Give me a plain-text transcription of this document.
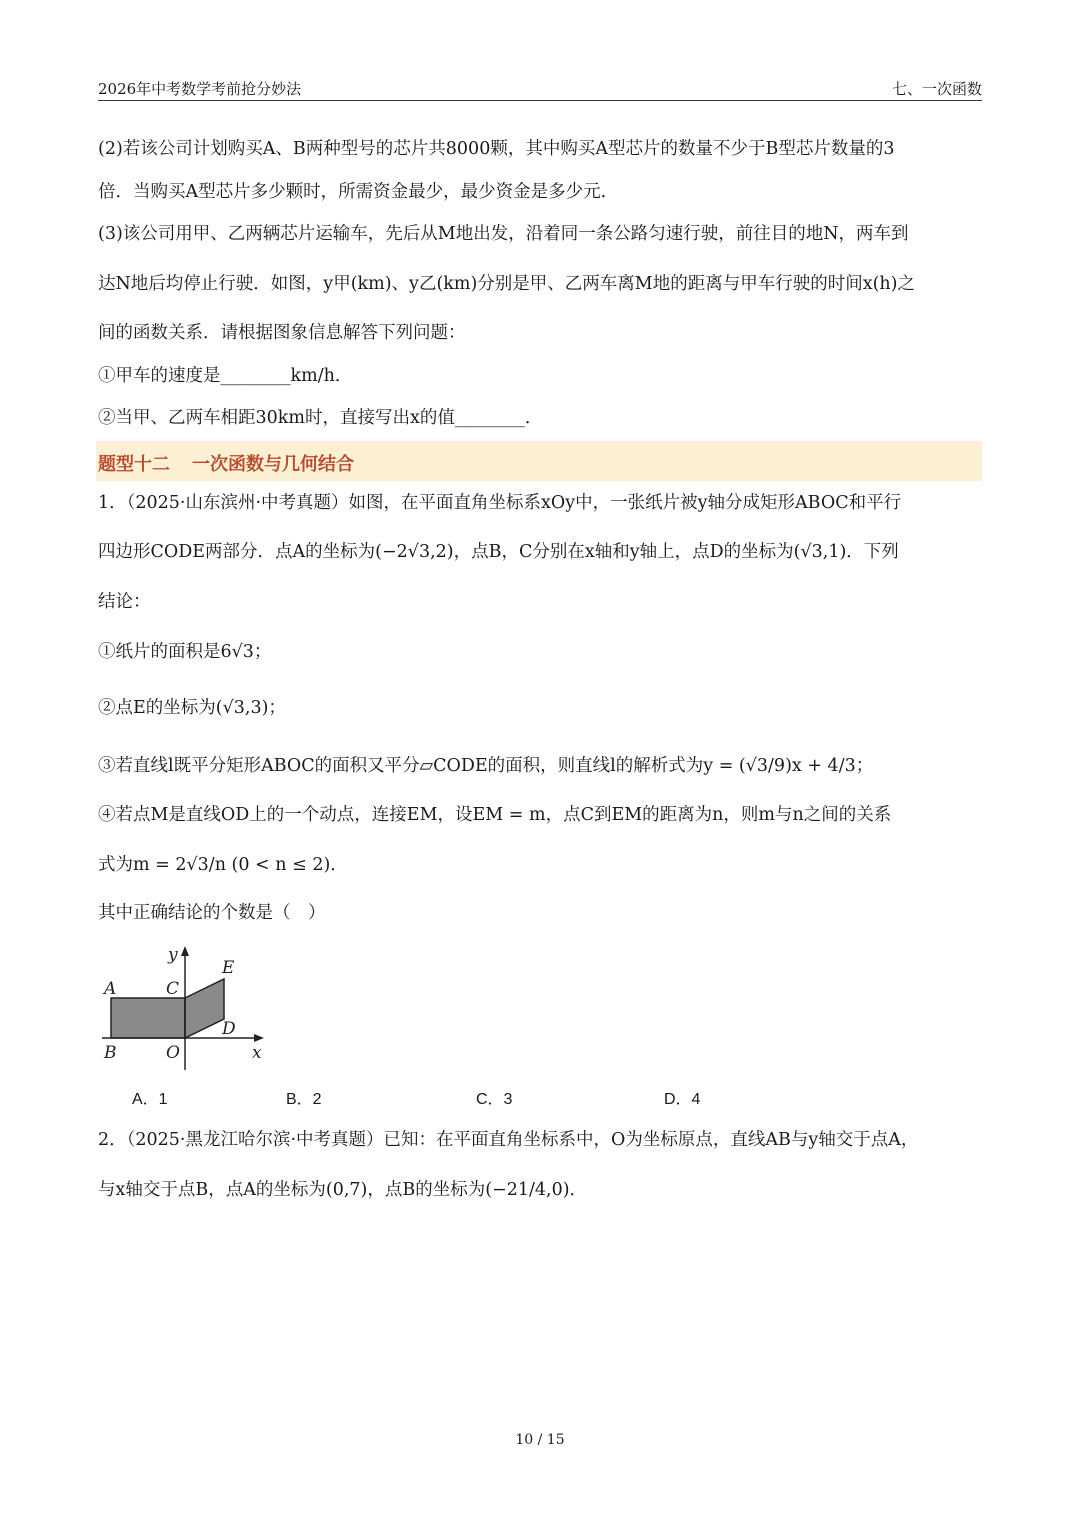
2026年中考数学考前抢分妙法	七、一次函数
(2)若该公司计划购买A、B两种型号的芯片共8000颗，其中购买A型芯片的数量不少于B型芯片数量的3
倍．当购买A型芯片多少颗时，所需资金最少，最少资金是多少元．
(3)该公司用甲、乙两辆芯片运输车，先后从M地出发，沿着同一条公路匀速行驶，前往目的地N，两车到
达N地后均停止行驶．如图，y甲(km)、y乙(km)分别是甲、乙两车离M地的距离与甲车行驶的时间x(h)之
间的函数关系．请根据图象信息解答下列问题：
①甲车的速度是________km/h．
②当甲、乙两车相距30km时，直接写出x的值________．
题型十二 一次函数与几何结合
1．（2025·山东滨州·中考真题）如图，在平面直角坐标系xOy中，一张纸片被y轴分成矩形ABOC和平行
四边形CODE两部分．点A的坐标为(−2√3,2)，点B，C分别在x轴和y轴上，点D的坐标为(√3,1)．下列
结论：
①纸片的面积是6√3；
②点E的坐标为(√3,3)；
③若直线l既平分矩形ABOC的面积又平分▱CODE的面积，则直线l的解析式为y = (√3/9)x + 4/3；
④若点M是直线OD上的一个动点，连接EM，设EM = m，点C到EM的距离为n，则m与n之间的关系
式为m = 2√3/n (0 < n ≤ 2)．
其中正确结论的个数是（　）
y
E
A	C
D
B	O	x
A．1	B．2	C．3	D．4
2．（2025·黑龙江哈尔滨·中考真题）已知：在平面直角坐标系中，O为坐标原点，直线AB与y轴交于点A，
与x轴交于点B，点A的坐标为(0,7)，点B的坐标为(−21/4,0)．
10 / 15
